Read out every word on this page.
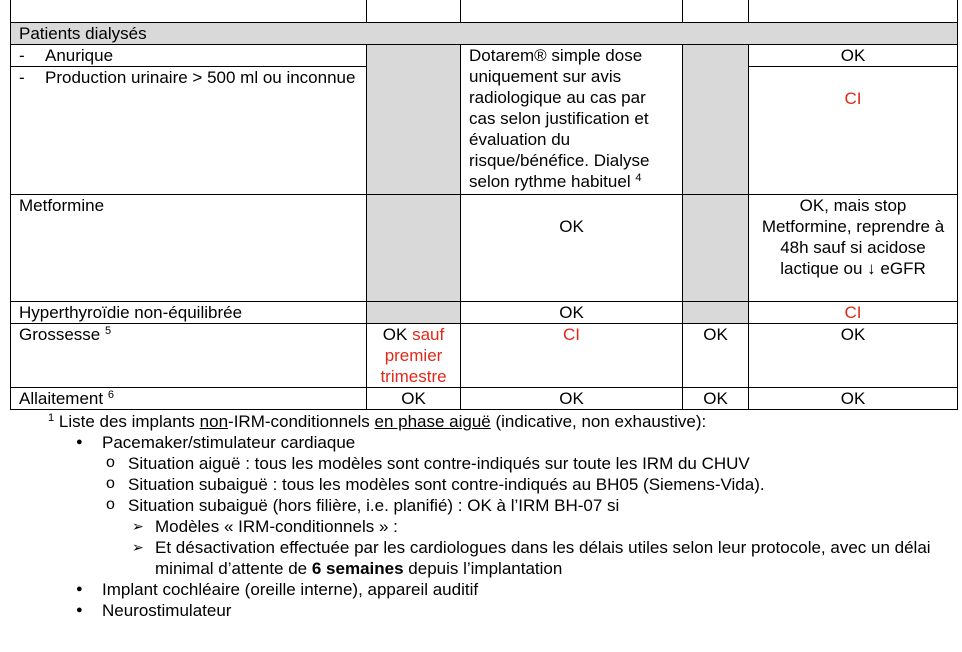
Patients dialysés				
- Anurique		Dotarem® simple dose uniquement sur avis radiologique au cas par cas selon justification et évaluation du risque/bénéfice. Dialyse selon rythme habituel $^4$		OK

- Production urinaire > 500 ml ou inconnue				CI
Metformine		OK		OK, mais stop Metformine, reprendre à 48h sauf si acidose lactique ou ↓ eGFR
Hyperthyroïdie non-équilibrée		OK		CI
Grossesse $^5$	OK sauf premier trimestre	CI	OK	OK
Allaitement $^6$	OK	OK	OK	OK

$^1$ Liste des implants non-IRM-conditionnels en phase aiguë (indicative, non exhaustive):

● Pacemaker/stimulateur cardiaque
o Situation aiguë : tous les modèles sont contre-indiqués sur toute les IRM du CHUV
o Situation subaiguë : tous les modèles sont contre-indiqués au BH05 (Siemens-Vida).
o Situation subaiguë (hors filière, i.e. planifié) : OK à l’IRM BH-07 si
➢ Modèles « IRM-conditionnels » :
➢ Et désactivation effectuée par les cardiologues dans les délais utiles selon leur protocole, avec un délai minimal d’attente de 6 semaines depuis l’implantation
● Implant cochléaire (oreille interne), appareil auditif
● Neurostimulateur
